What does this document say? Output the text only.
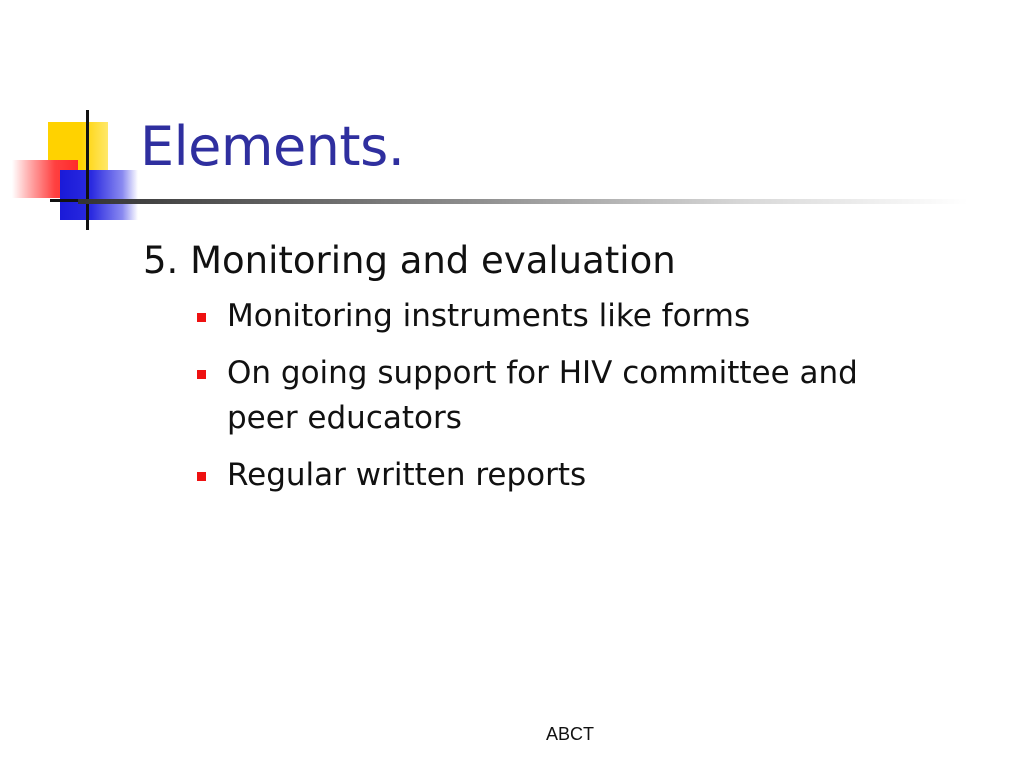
Elements.

5. Monitoring and evaluation

Monitoring instruments like forms
On going support for HIV committee and peer educators
Regular written reports
ABCT
